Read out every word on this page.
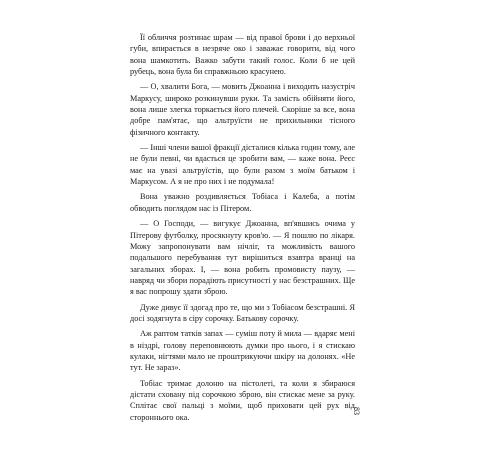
Її обличчя розтинає шрам — від правої брови і до верхньої губи, впирається в незряче око і заважає говорити, від чого вона шамкотить. Важко забути такий голос. Коли б не цей рубець, вона була би справжньою красунею.

— О, хвалити Бога, — мовить Джоанна і виходить назустріч Маркусу, широко розкинувши руки. Та замість обійняти його, вона лише злегка торкається його плечей. Скоріше за все, вона добре пам'ятає, що альтруїсти не прихильники тісного фізичного контакту.

— Інші члени вашої фракції дісталися кілька годин тому, але не були певні, чи вдасться це зробити вам, — каже вона. Реєс має на увазі альтруїстів, що були разом з моїм батьком і Маркусом. А я не про них і не подумала!

Вона уважно роздивляється Тобіаса і Калеба, а потім обводить поглядом нас із Пітером.

— О Господи, — вигукує Джоанна, вп'явшись очима у Пітерову футболку, просякнуту кров'ю. — Я пошлю по лікаря. Можу запропонувати вам нічліг, та можливість вашого подальшого перебування тут вирішиться взавтра вранці на загальних зборах. І, — вона робить промовисту паузу, — навряд чи збори порадіють присутності у нас безстрашних. Ще я вас попрошу здати зброю.

Дуже дивує її здогад про те, що ми з Тобіасом безстрашні. Я досі зодягнута в сіру сорочку. Батькову сорочку.

Аж раптом таткiв запах — суміш поту й мила — вдаряє мені в ніздрі, голову переповнюють думки про нього, і я стискаю кулаки, нігтями мало не проштрикуючи шкіру на долонях. «Не тут. Не зараз».

Тобіас тримає долоню на пістолеті, та коли я збираюся дістати сховану під сорочкою зброю, він стискає мене за руку. Сплітає свої пальці з моїми, щоб приховати цей рух від стороннього ока.

83
